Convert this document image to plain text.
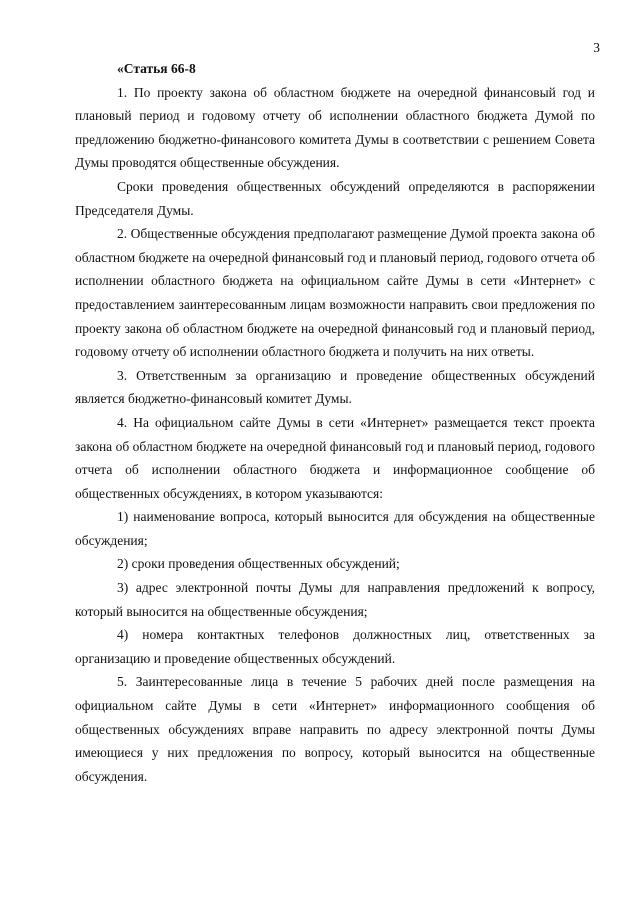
3

«Статья 66-8

1. По проекту закона об областном бюджете на очередной финансовый год и плановый период и годовому отчету об исполнении областного бюджета Думой по предложению бюджетно-финансового комитета Думы в соответствии с решением Совета Думы проводятся общественные обсуждения.

Сроки проведения общественных обсуждений определяются в распоряжении Председателя Думы.

2. Общественные обсуждения предполагают размещение Думой проекта закона об областном бюджете на очередной финансовый год и плановый период, годового отчета об исполнении областного бюджета на официальном сайте Думы в сети «Интернет» с предоставлением заинтересованным лицам возможности направить свои предложения по проекту закона об областном бюджете на очередной финансовый год и плановый период, годовому отчету об исполнении областного бюджета и получить на них ответы.

3. Ответственным за организацию и проведение общественных обсуждений является бюджетно-финансовый комитет Думы.

4. На официальном сайте Думы в сети «Интернет» размещается текст проекта закона об областном бюджете на очередной финансовый год и плановый период, годового отчета об исполнении областного бюджета и информационное сообщение об общественных обсуждениях, в котором указываются:

1) наименование вопроса, который выносится для обсуждения на общественные обсуждения;

2) сроки проведения общественных обсуждений;

3) адрес электронной почты Думы для направления предложений к вопросу, который выносится на общественные обсуждения;

4) номера контактных телефонов должностных лиц, ответственных за организацию и проведение общественных обсуждений.

5. Заинтересованные лица в течение 5 рабочих дней после размещения на официальном сайте Думы в сети «Интернет» информационного сообщения об общественных обсуждениях вправе направить по адресу электронной почты Думы имеющиеся у них предложения по вопросу, который выносится на общественные обсуждения.
